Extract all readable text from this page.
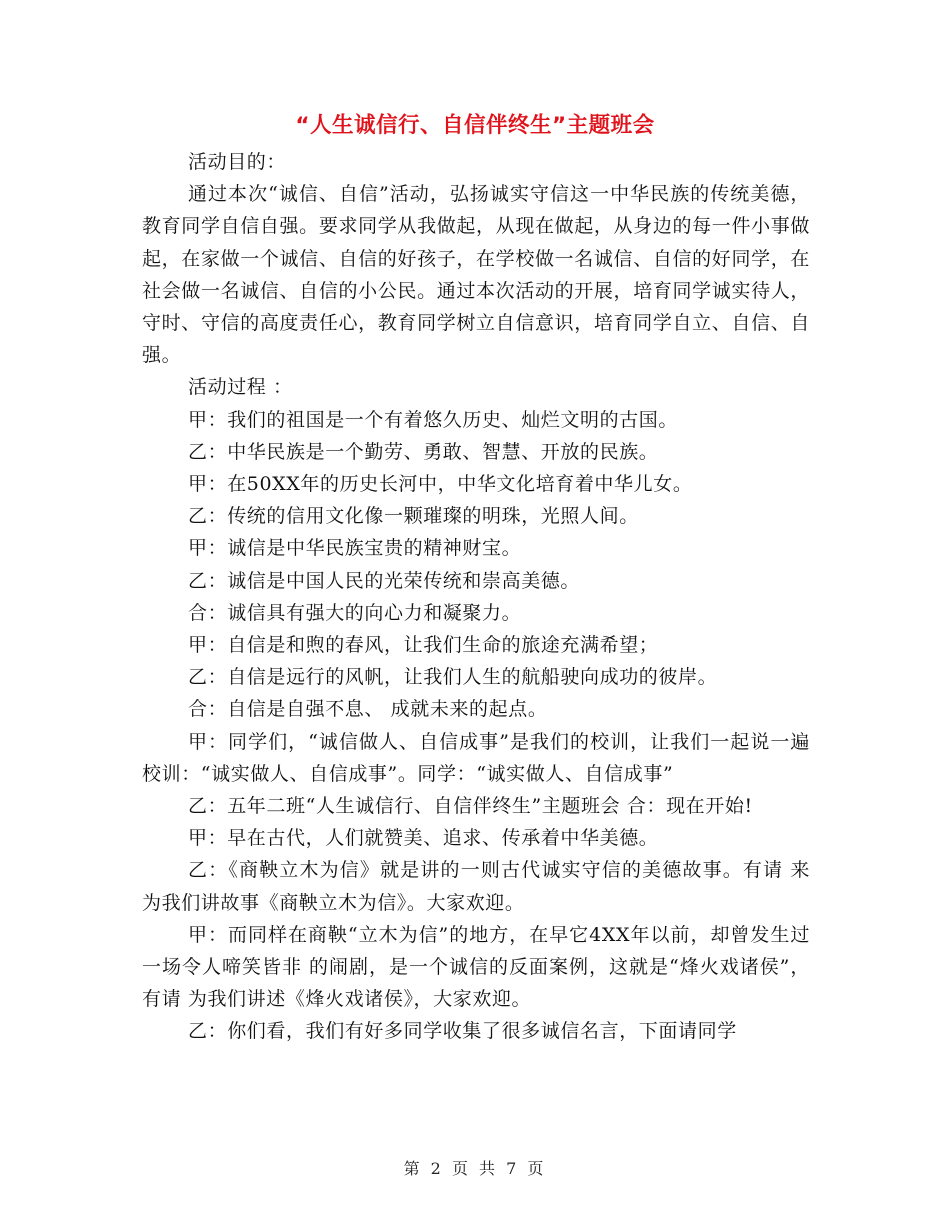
“人生诚信行、自信伴终生”主题班会

活动目的：

通过本次“诚信、自信”活动，弘扬诚实守信这一中华民族的传统美德，教育同学自信自强。要求同学从我做起，从现在做起，从身边的每一件小事做起，在家做一个诚信、自信的好孩子，在学校做一名诚信、自信的好同学，在社会做一名诚信、自信的小公民。通过本次活动的开展，培育同学诚实待人，守时、守信的高度责任心，教育同学树立自信意识，培育同学自立、自信、自强。

活动过程 ：

甲：我们的祖国是一个有着悠久历史、灿烂文明的古国。

乙：中华民族是一个勤劳、勇敢、智慧、开放的民族。

甲：在50XX年的历史长河中，中华文化培育着中华儿女。

乙：传统的信用文化像一颗璀璨的明珠，光照人间。

甲：诚信是中华民族宝贵的精神财宝。

乙：诚信是中国人民的光荣传统和崇高美德。

合：诚信具有强大的向心力和凝聚力。

甲：自信是和煦的春风，让我们生命的旅途充满希望；

乙：自信是远行的风帆，让我们人生的航船驶向成功的彼岸。

合：自信是自强不息、 成就未来的起点。

甲：同学们，“诚信做人、自信成事”是我们的校训，让我们一起说一遍校训：“诚实做人、自信成事”。同学：“诚实做人、自信成事”

乙：五年二班“人生诚信行、自信伴终生”主题班会 合：现在开始!

甲：早在古代，人们就赞美、追求、传承着中华美德。

乙：《商鞅立木为信》就是讲的一则古代诚实守信的美德故事。有请 来为我们讲故事《商鞅立木为信》。大家欢迎。

甲：而同样在商鞅“立木为信”的地方，在早它4XX年以前，却曾发生过一场令人啼笑皆非 的闹剧，是一个诚信的反面案例，这就是“烽火戏诸侯”，有请 为我们讲述《烽火戏诸侯》，大家欢迎。

乙：你们看，我们有好多同学收集了很多诚信名言，下面请同学

第 2 页 共 7 页
